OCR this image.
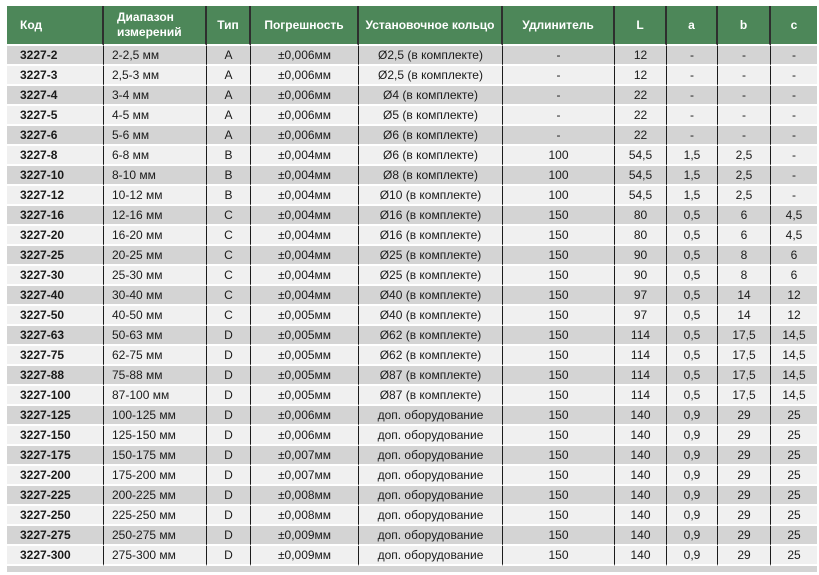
Код	Диапазон измерений	Тип	Погрешность	Установочное кольцо	Удлинитель	L	a	b	c
3227-2	2-2,5 мм	A	±0,006мм	Ø2,5 (в комплекте)	-	12	-	-	-
3227-3	2,5-3 мм	A	±0,006мм	Ø2,5 (в комплекте)	-	12	-	-	-
3227-4	3-4 мм	A	±0,006мм	Ø4 (в комплекте)	-	22	-	-	-
3227-5	4-5 мм	A	±0,006мм	Ø5 (в комплекте)	-	22	-	-	-
3227-6	5-6 мм	A	±0,006мм	Ø6 (в комплекте)	-	22	-	-	-
3227-8	6-8 мм	B	±0,004мм	Ø6 (в комплекте)	100	54,5	1,5	2,5	-
3227-10	8-10 мм	B	±0,004мм	Ø8 (в комплекте)	100	54,5	1,5	2,5	-
3227-12	10-12 мм	B	±0,004мм	Ø10 (в комплекте)	100	54,5	1,5	2,5	-
3227-16	12-16 мм	C	±0,004мм	Ø16 (в комплекте)	150	80	0,5	6	4,5
3227-20	16-20 мм	C	±0,004мм	Ø16 (в комплекте)	150	80	0,5	6	4,5
3227-25	20-25 мм	C	±0,004мм	Ø25 (в комплекте)	150	90	0,5	8	6
3227-30	25-30 мм	C	±0,004мм	Ø25 (в комплекте)	150	90	0,5	8	6
3227-40	30-40 мм	C	±0,004мм	Ø40 (в комплекте)	150	97	0,5	14	12
3227-50	40-50 мм	C	±0,005мм	Ø40 (в комплекте)	150	97	0,5	14	12
3227-63	50-63 мм	D	±0,005мм	Ø62 (в комплекте)	150	114	0,5	17,5	14,5
3227-75	62-75 мм	D	±0,005мм	Ø62 (в комплекте)	150	114	0,5	17,5	14,5
3227-88	75-88 мм	D	±0,005мм	Ø87 (в комплекте)	150	114	0,5	17,5	14,5
3227-100	87-100 мм	D	±0,005мм	Ø87 (в комплекте)	150	114	0,5	17,5	14,5
3227-125	100-125 мм	D	±0,006мм	доп. оборудование	150	140	0,9	29	25
3227-150	125-150 мм	D	±0,006мм	доп. оборудование	150	140	0,9	29	25
3227-175	150-175 мм	D	±0,007мм	доп. оборудование	150	140	0,9	29	25
3227-200	175-200 мм	D	±0,007мм	доп. оборудование	150	140	0,9	29	25
3227-225	200-225 мм	D	±0,008мм	доп. оборудование	150	140	0,9	29	25
3227-250	225-250 мм	D	±0,008мм	доп. оборудование	150	140	0,9	29	25
3227-275	250-275 мм	D	±0,009мм	доп. оборудование	150	140	0,9	29	25
3227-300	275-300 мм	D	±0,009мм	доп. оборудование	150	140	0,9	29	25
